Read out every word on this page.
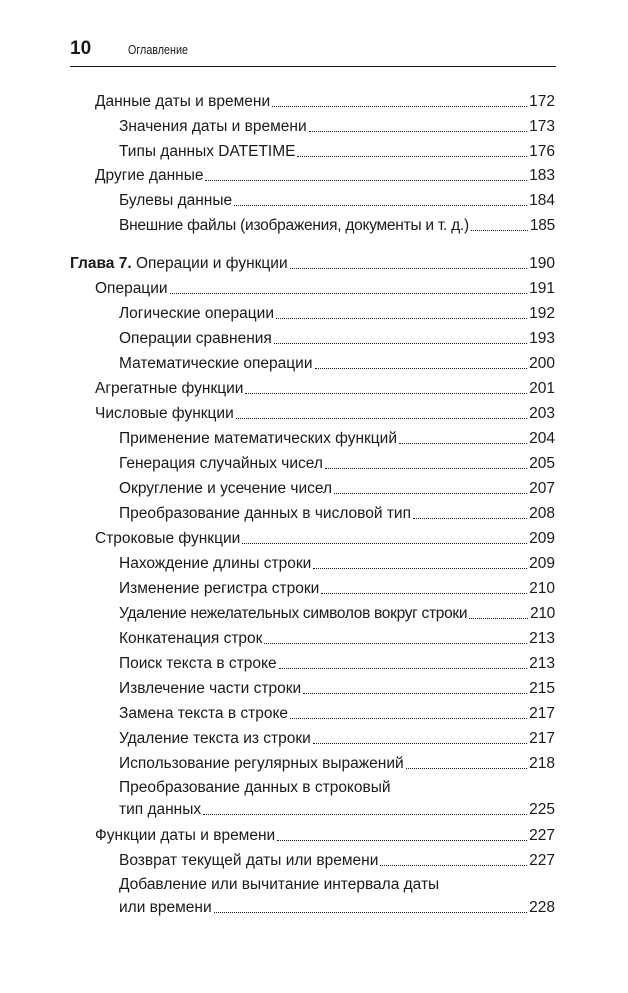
10	Оглавление
Данные даты и времени	172
Значения даты и времени	173
Типы данных DATETIME	176
Другие данные	183
Булевы данные	184
Внешние файлы (изображения, документы и т. д.)	185
Глава 7. Операции и функции	190
Операции	191
Логические операции	192
Операции сравнения	193
Математические операции	200
Агрегатные функции	201
Числовые функции	203
Применение математических функций	204
Генерация случайных чисел	205
Округление и усечение чисел	207
Преобразование данных в числовой тип	208
Строковые функции	209
Нахождение длины строки	209
Изменение регистра строки	210
Удаление нежелательных символов вокруг строки	210
Конкатенация строк	213
Поиск текста в строке	213
Извлечение части строки	215
Замена текста в строке	217
Удаление текста из строки	217
Использование регулярных выражений	218
Преобразование данных в строковый
тип данных	225
Функции даты и времени	227
Возврат текущей даты или времени	227
Добавление или вычитание интервала даты
или времени	228
